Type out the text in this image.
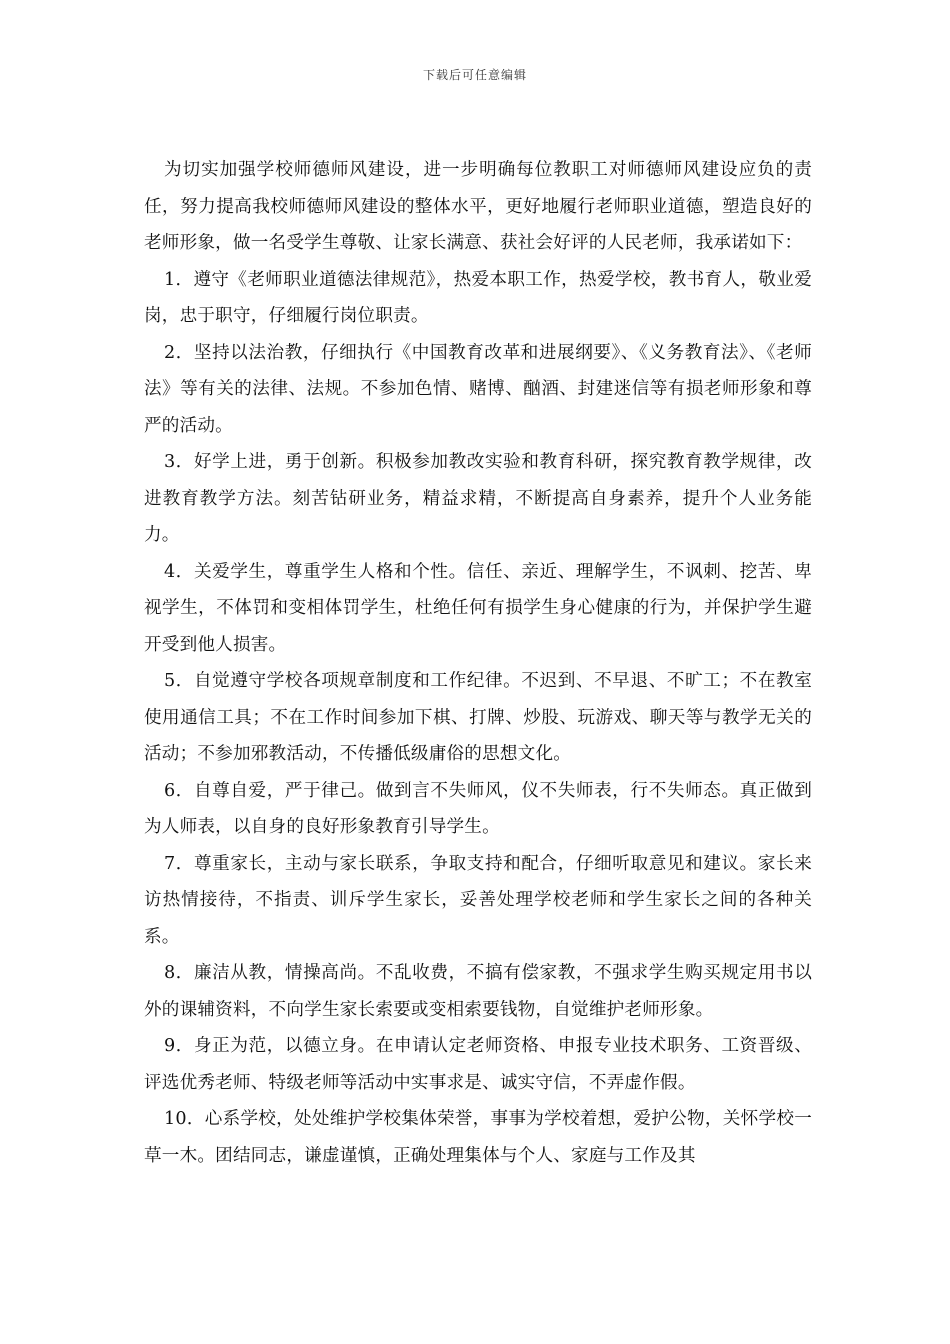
下载后可任意编辑

为切实加强学校师德师风建设，进一步明确每位教职工对师德师风建设应负的责任，努力提高我校师德师风建设的整体水平，更好地履行老师职业道德，塑造良好的老师形象，做一名受学生尊敬、让家长满意、获社会好评的人民老师，我承诺如下：

1．遵守《老师职业道德法律规范》，热爱本职工作，热爱学校，教书育人，敬业爱岗，忠于职守，仔细履行岗位职责。

2．坚持以法治教，仔细执行《中国教育改革和进展纲要》、《义务教育法》、《老师法》等有关的法律、法规。不参加色情、赌博、酗酒、封建迷信等有损老师形象和尊严的活动。

3．好学上进，勇于创新。积极参加教改实验和教育科研，探究教育教学规律，改进教育教学方法。刻苦钻研业务，精益求精，不断提高自身素养，提升个人业务能力。

4．关爱学生，尊重学生人格和个性。信任、亲近、理解学生，不讽刺、挖苦、卑视学生，不体罚和变相体罚学生，杜绝任何有损学生身心健康的行为，并保护学生避开受到他人损害。

5．自觉遵守学校各项规章制度和工作纪律。不迟到、不早退、不旷工；不在教室使用通信工具；不在工作时间参加下棋、打牌、炒股、玩游戏、聊天等与教学无关的活动；不参加邪教活动，不传播低级庸俗的思想文化。

6．自尊自爱，严于律己。做到言不失师风，仪不失师表，行不失师态。真正做到为人师表，以自身的良好形象教育引导学生。

7．尊重家长，主动与家长联系，争取支持和配合，仔细听取意见和建议。家长来访热情接待，不指责、训斥学生家长，妥善处理学校老师和学生家长之间的各种关系。

8．廉洁从教，情操高尚。不乱收费，不搞有偿家教，不强求学生购买规定用书以外的课辅资料，不向学生家长索要或变相索要钱物，自觉维护老师形象。

9．身正为范，以德立身。在申请认定老师资格、申报专业技术职务、工资晋级、评选优秀老师、特级老师等活动中实事求是、诚实守信，不弄虚作假。

10．心系学校，处处维护学校集体荣誉，事事为学校着想，爱护公物，关怀学校一草一木。团结同志，谦虚谨慎，正确处理集体与个人、家庭与工作及其
